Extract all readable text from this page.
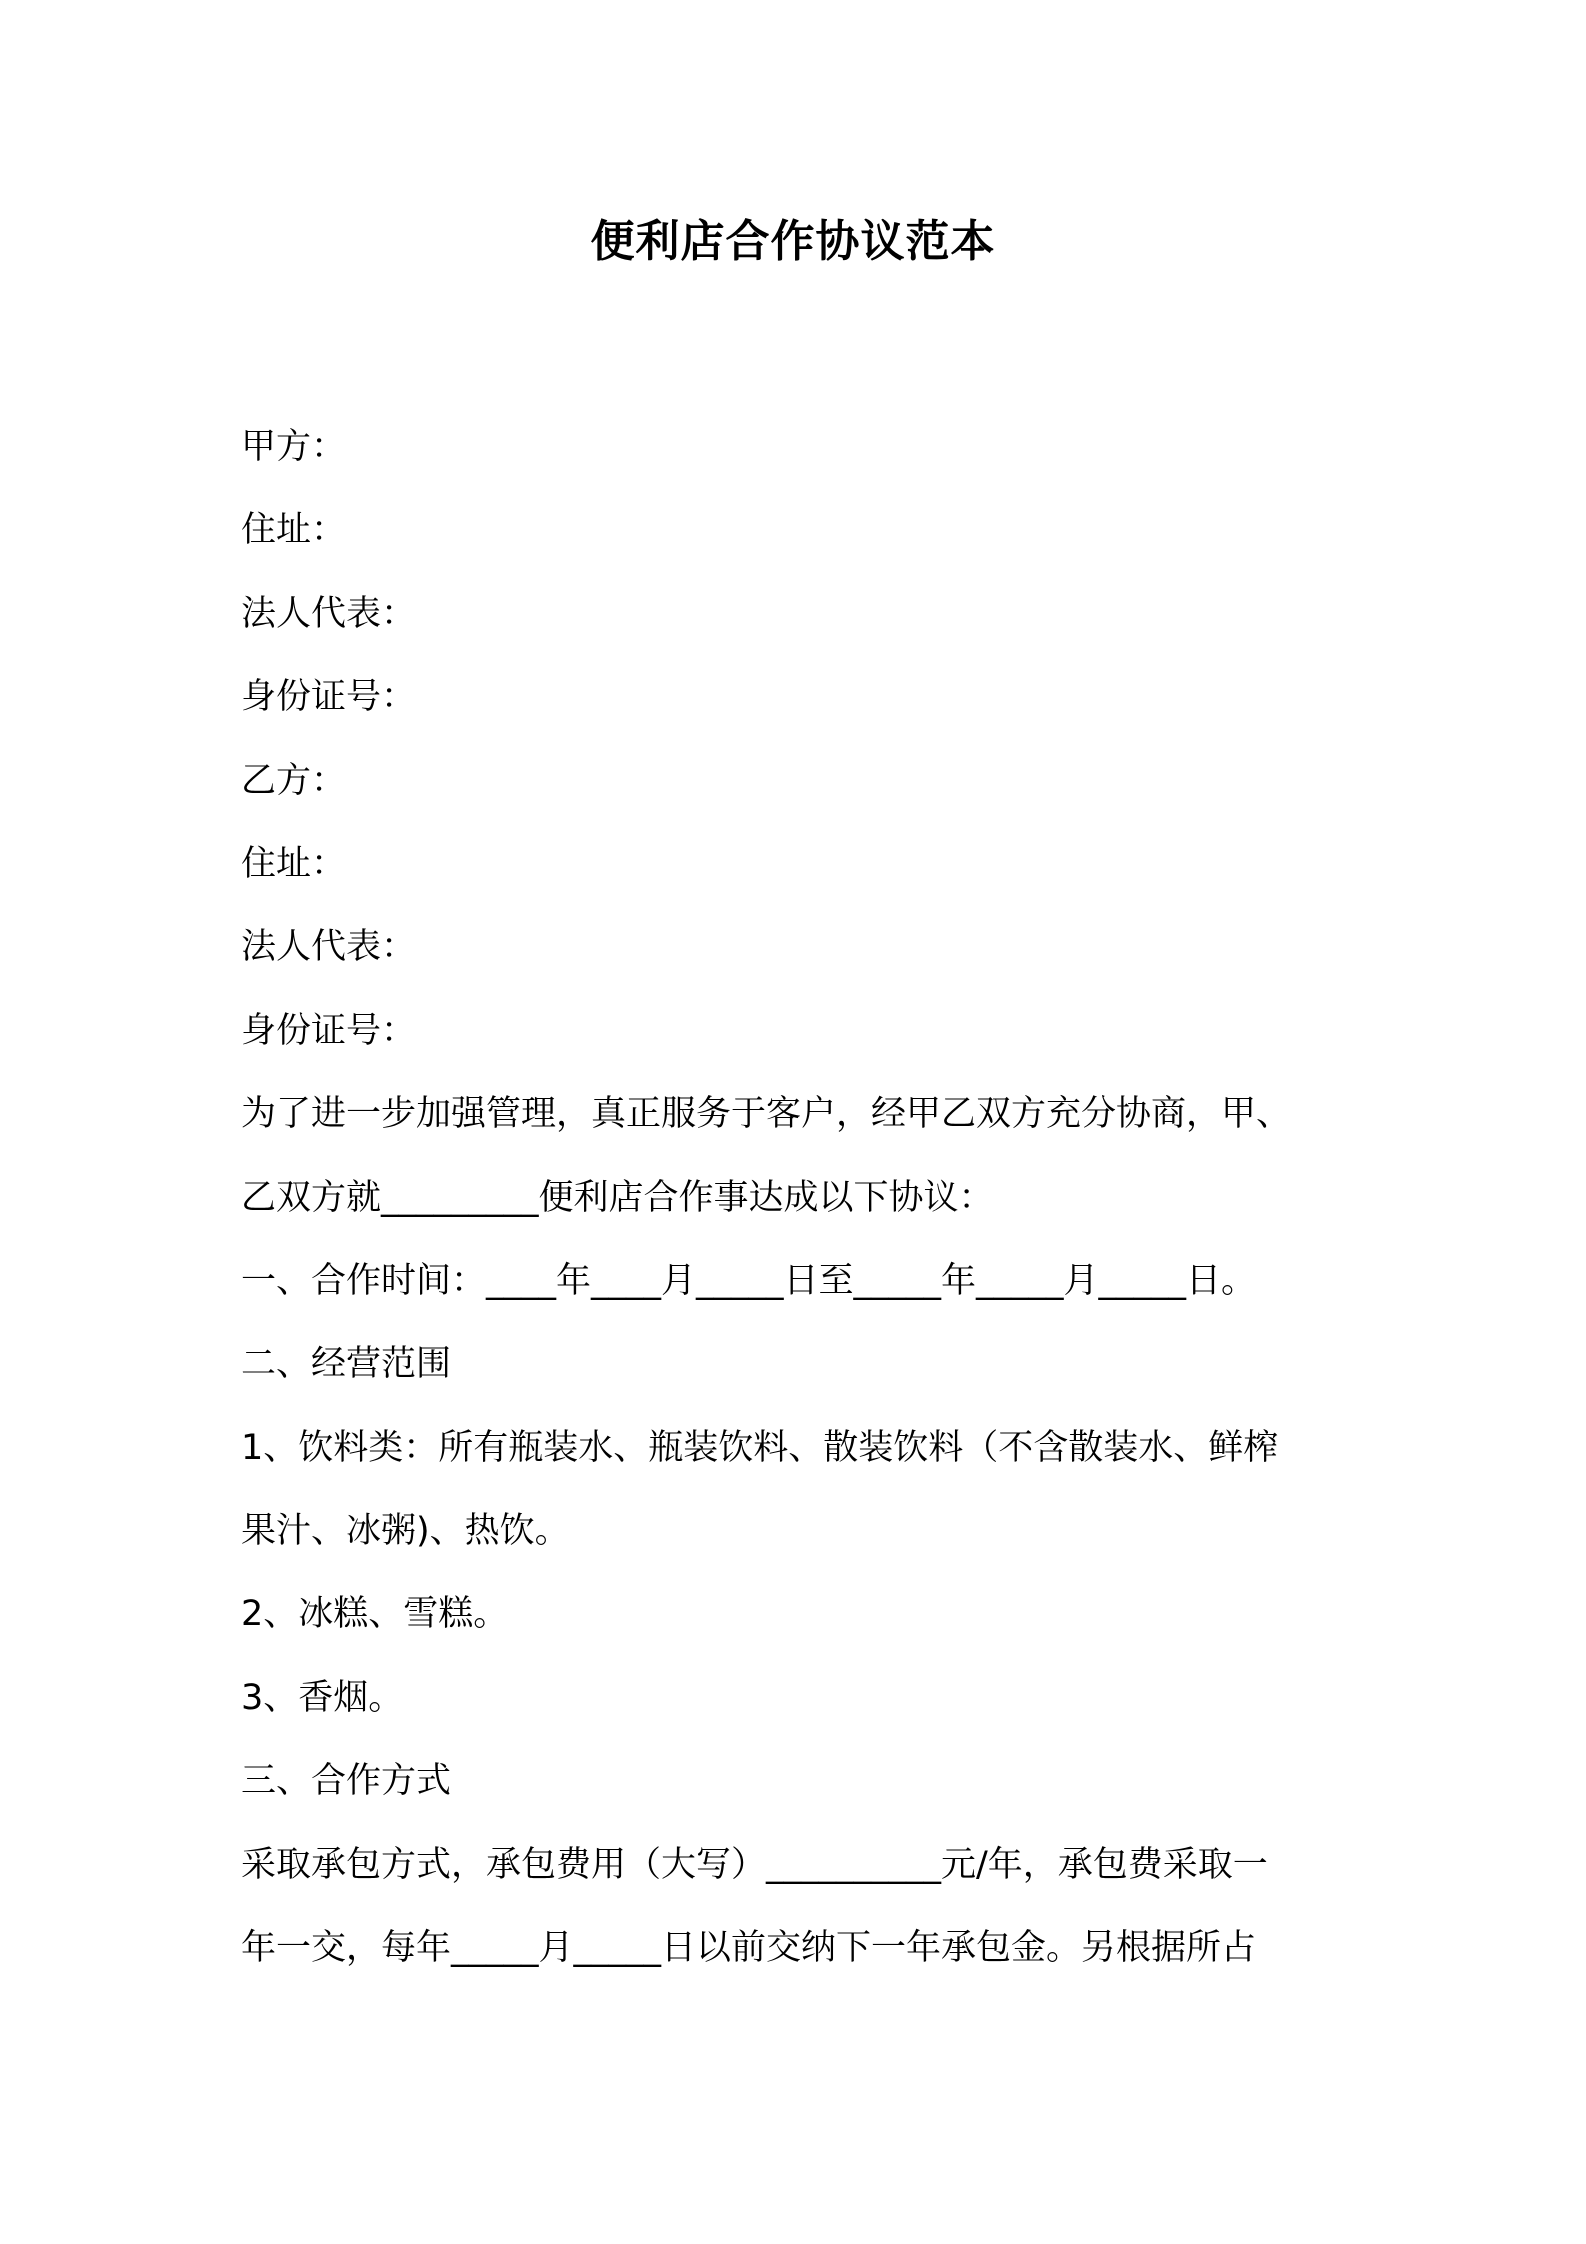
便利店合作协议范本
甲方：
住址：
法人代表：
身份证号：
乙方：
住址：
法人代表：
身份证号：
为了进一步加强管理，真正服务于客户，经甲乙双方充分协商，甲、
乙双方就_________便利店合作事达成以下协议：
一、合作时间：____年____月_____日至_____年_____月_____日。
二、经营范围
1、饮料类：所有瓶装水、瓶装饮料、散装饮料（不含散装水、鲜榨
果汁、冰粥)、热饮。
2、冰糕、雪糕。
3、香烟。
三、合作方式
采取承包方式，承包费用（大写）__________元/年，承包费采取一
年一交，每年_____月_____日以前交纳下一年承包金。另根据所占
